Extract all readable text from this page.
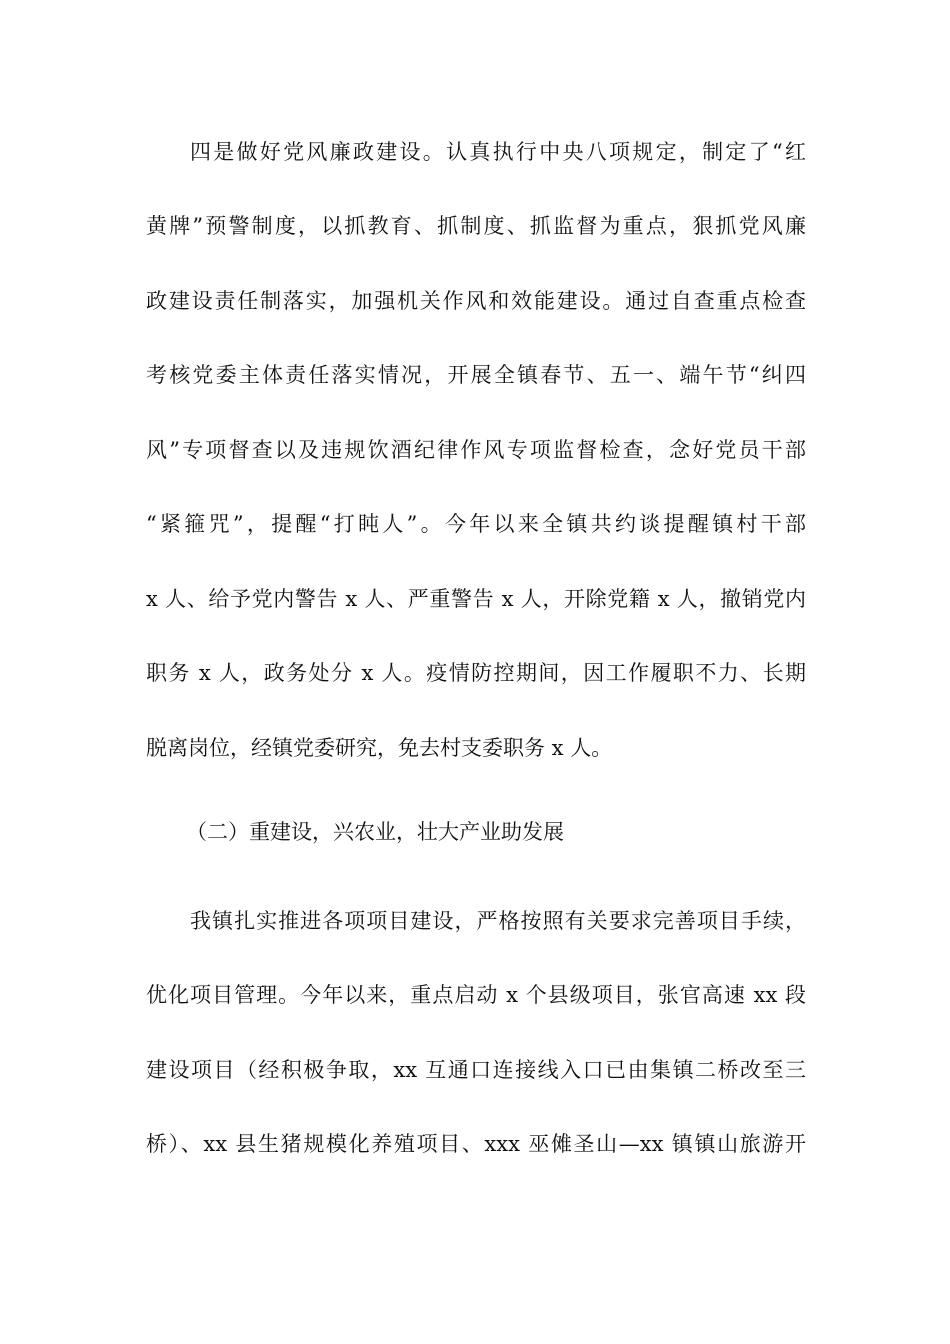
四是做好党风廉政建设。认真执行中央八项规定，制定了“红
黄牌”预警制度，以抓教育、抓制度、抓监督为重点，狠抓党风廉
政建设责任制落实，加强机关作风和效能建设。通过自查重点检查
考核党委主体责任落实情况，开展全镇春节、五一、端午节“纠四
风”专项督查以及违规饮酒纪律作风专项监督检查，念好党员干部
“紧箍咒”，提醒“打盹人”。今年以来全镇共约谈提醒镇村干部
x 人、给予党内警告 x 人、严重警告 x 人，开除党籍 x 人，撤销党内
职务 x 人，政务处分 x 人。疫情防控期间，因工作履职不力、长期
脱离岗位，经镇党委研究，免去村支委职务 x 人。
（二）重建设，兴农业，壮大产业助发展
我镇扎实推进各项项目建设，严格按照有关要求完善项目手续，
优化项目管理。今年以来，重点启动 x 个县级项目，张官高速 xx 段
建设项目（经积极争取，xx 互通口连接线入口已由集镇二桥改至三
桥）、xx 县生猪规模化养殖项目、xxx 巫傩圣山—xx 镇镇山旅游开
